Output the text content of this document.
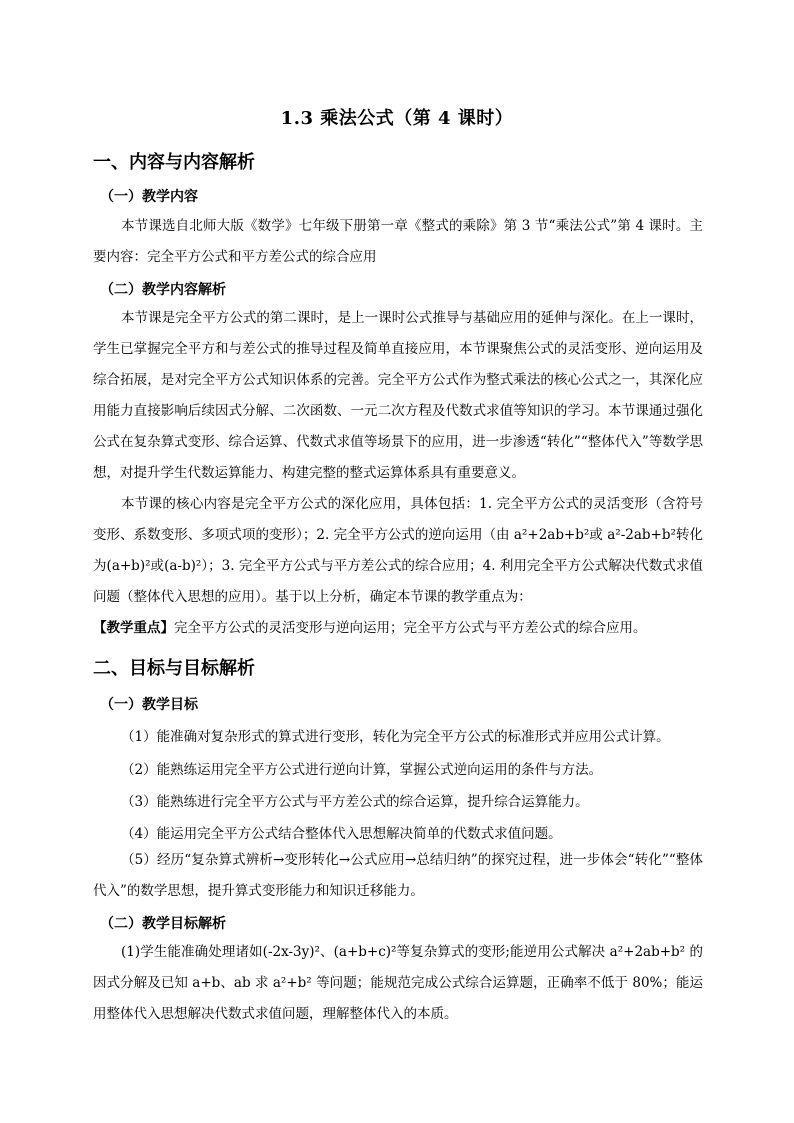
1.3 乘法公式（第 4 课时）
一、内容与内容解析
（一）教学内容
本节课选自北师大版《数学》七年级下册第一章《整式的乘除》第 3 节“乘法公式”第 4 课时。主要内容：完全平方公式和平方差公式的综合应用
（二）教学内容解析
本节课是完全平方公式的第二课时，是上一课时公式推导与基础应用的延伸与深化。在上一课时，学生已掌握完全平方和与差公式的推导过程及简单直接应用，本节课聚焦公式的灵活变形、逆向运用及综合拓展，是对完全平方公式知识体系的完善。完全平方公式作为整式乘法的核心公式之一，其深化应用能力直接影响后续因式分解、二次函数、一元二次方程及代数式求值等知识的学习。本节课通过强化公式在复杂算式变形、综合运算、代数式求值等场景下的应用，进一步渗透“转化”“整体代入”等数学思想，对提升学生代数运算能力、构建完整的整式运算体系具有重要意义。
本节课的核心内容是完全平方公式的深化应用，具体包括：1. 完全平方公式的灵活变形（含符号变形、系数变形、多项式项的变形）；2. 完全平方公式的逆向运用（由 a²+2ab+b²或 a²-2ab+b²转化为(a+b)²或(a-b)²）；3. 完全平方公式与平方差公式的综合应用；4. 利用完全平方公式解决代数式求值问题（整体代入思想的应用）。基于以上分析，确定本节课的教学重点为：
【教学重点】完全平方公式的灵活变形与逆向运用；完全平方公式与平方差公式的综合应用。
二、目标与目标解析
（一）教学目标
（1）能准确对复杂形式的算式进行变形，转化为完全平方公式的标准形式并应用公式计算。
（2）能熟练运用完全平方公式进行逆向计算，掌握公式逆向运用的条件与方法。
（3）能熟练进行完全平方公式与平方差公式的综合运算，提升综合运算能力。
（4）能运用完全平方公式结合整体代入思想解决简单的代数式求值问题。
（5）经历“复杂算式辨析→变形转化→公式应用→总结归纳”的探究过程，进一步体会“转化”“整体代入”的数学思想，提升算式变形能力和知识迁移能力。
（二）教学目标解析
(1)学生能准确处理诸如(-2x-3y)²、(a+b+c)²等复杂算式的变形;能逆用公式解决 a²+2ab+b² 的因式分解及已知 a+b、ab 求 a²+b² 等问题；能规范完成公式综合运算题，正确率不低于 80%；能运用整体代入思想解决代数式求值问题，理解整体代入的本质。
